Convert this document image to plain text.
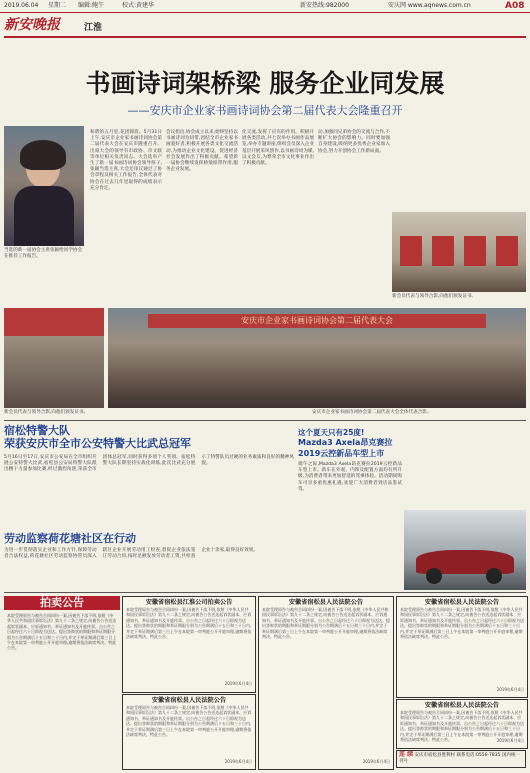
2019.06.04 星期二 编辑:鲍午	校式:黄建华	新安热线:982000	安庆网 www.aqnews.com.cn	A08
新安晚报	江淮
书画诗词架桥梁 服务企业同发展
——安庆市企业家书画诗词协会第二届代表大会隆重召开
当选的新一届协会主席张颖给同学协会在推荐工作报告。
和谐的五月里,花团锦簇。5月31日上午,安庆市企业家书画诗词协会第二届代表大会在安庆市隆重召开。出席大会的领导有市政协、市文联等单位相关负责同志。大会选举产生了新一届书画诗词协会领导班子,张颖当选主席,大会还审议通过了协会章程及相关工作报告,全体代表对协会在过去几年里取得的成绩表示充分肯定。
会议指出,协会成立以来,始终坚持以书画诗词为纽带,团结全市企业家书画爱好者,积极开展各类文化交流活动,为推动企业文化建设、促进经济社会发展作出了积极贡献。希望新一届协会继续发挥桥梁纽带作用,服务企业发展。
化交流,发挥了应有的作用。积极开展各类活动,共七次举办书画作品展览,举办专题讲座,组织会员深入企业基层开展采风创作,以书画诗词为媒,以文会友,为繁荣全市文化事业作出了积极贡献。
动,加强同兄弟协会的交流与合作,不断扩大协会的影响力。同时要加强自身建设,吸纳更多优秀企业家加入协会,努力开创协会工作新局面。
新会员代表与领导合影,向他们颁发证书。
新会员代表与领导合影,向他们颁发证书。
安庆市企业家书画诗词协会第二届代表大会
安庆市企业家书画诗词协会第二届代表大会全体代表合影。
宿松特警大队
荣获安庆市全市公安特警大比武总冠军
5月16日至17日,安庆市公安局在全市组织开展公安特警大比武,宿松县公安局特警大队派出精干力量参加比赛,经过激烈角逐,荣获全市团体总冠军,同时获得多项个人奖项。宿松特警大队长期坚持实战化训练,此次比武充分展示了特警队员过硬的业务素质和良好的精神风貌。
劳动监察荷花塘社区在行动
为进一步贯彻落实企业和工作方针,保障劳动者合法权益,荷花塘社区劳动监察协管员深入辖区企业开展劳动用工检查,督促企业依法签订劳动合同,按时足额发放劳动者工资,共检查企业十余家,取得良好效果。
这个夏天只有25度!
Mazda3 Axela昂克赛拉
2019云控新品车型上市
端午之际,Mazda3 Axela昂克赛拉2019云控新品车型上市。新车在外观、内饰及配置方面均有所升级,为消费者带来更加舒适的驾乘体验。活动期间购车可享多重优惠礼遇,欢迎广大消费者到店品鉴试驾。
拍卖公告
本院受理原告与被告合同纠纷一案,因被告下落不明,依照《中华人民共和国民事诉讼法》第九十二条之规定,向被告公告送达起诉状副本、应诉通知书、举证通知书及开庭传票。自公告之日起经过六十日即视为送达。提出答辩状的期限和举证期限分别为公告期满后十五日和三十日内,并定于举证期满后第三日上午在本院第一审判庭公开开庭审理,逾期将依法缺席判决。特此公告。
安徽省宿松县江淮公司拍卖公告
本院受理原告与被告合同纠纷一案,因被告下落不明,依照《中华人民共和国民事诉讼法》第九十二条之规定,向被告公告送达起诉状副本、应诉通知书、举证通知书及开庭传票。自公告之日起经过六十日即视为送达。提出答辩状的期限和举证期限分别为公告期满后十五日和三十日内,并定于举证期满后第三日上午在本院第一审判庭公开开庭审理,逾期将依法缺席判决。特此公告。
2019年6月4日
安徽省宿松县人民法院公告
本院受理原告与被告合同纠纷一案,因被告下落不明,依照《中华人民共和国民事诉讼法》第九十二条之规定,向被告公告送达起诉状副本、应诉通知书、举证通知书及开庭传票。自公告之日起经过六十日即视为送达。提出答辩状的期限和举证期限分别为公告期满后十五日和三十日内,并定于举证期满后第三日上午在本院第一审判庭公开开庭审理,逾期将依法缺席判决。特此公告。
2019年6月4日
安徽省宿松县人民法院公告
本院受理原告与被告合同纠纷一案,因被告下落不明,依照《中华人民共和国民事诉讼法》第九十二条之规定,向被告公告送达起诉状副本、应诉通知书、举证通知书及开庭传票。自公告之日起经过六十日即视为送达。提出答辩状的期限和举证期限分别为公告期满后十五日和三十日内,并定于举证期满后第三日上午在本院第一审判庭公开开庭审理,逾期将依法缺席判决。特此公告。
2019年6月4日
安徽省宿松县人民法院公告
本院受理原告与被告合同纠纷一案,因被告下落不明,依照《中华人民共和国民事诉讼法》第九十二条之规定,向被告公告送达起诉状副本、应诉通知书、举证通知书及开庭传票。自公告之日起经过六十日即视为送达。提出答辩状的期限和举证期限分别为公告期满后十五日和三十日内,并定于举证期满后第三日上午在本院第一审判庭公开开庭审理,逾期将依法缺席判决。特此公告。
2019年6月4日
安徽省宿松县人民法院公告
本院受理原告与被告合同纠纷一案,因被告下落不明,依照《中华人民共和国民事诉讼法》第九十二条之规定,向被告公告送达起诉状副本、应诉通知书、举证通知书及开庭传票。自公告之日起经过六十日即视为送达。提出答辩状的期限和举证期限分别为公告期满后十五日和三十日内,并定于举证期满后第三日上午在本院第一审判庭公开开庭审理,逾期将依法缺席判决。特此公告。	2019年6月4日
连 续 安庆市宿松县胜利村 联系电话:0556-7835 国内统一刊号
